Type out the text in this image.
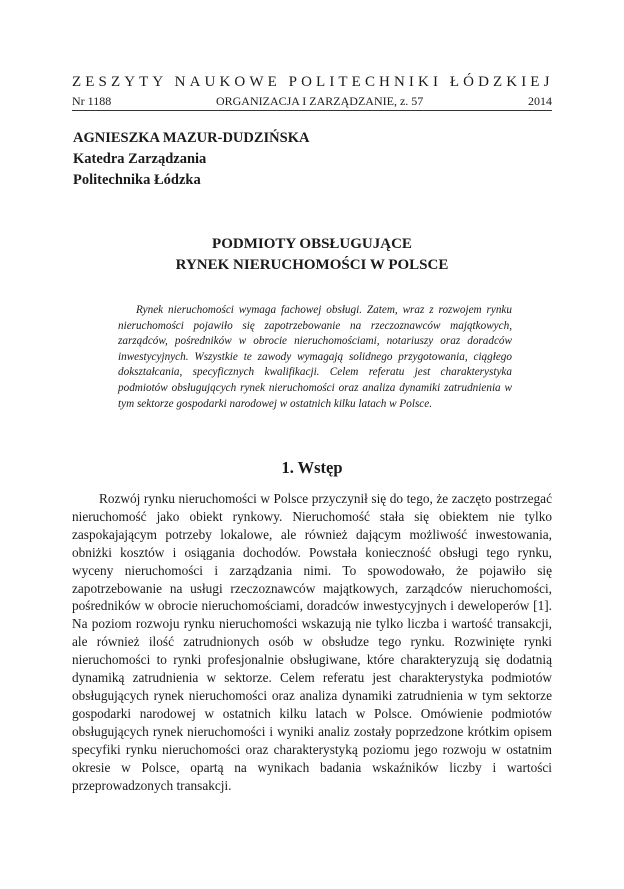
ZESZYTY NAUKOWE POLITECHNIKI ŁÓDZKIEJ
Nr 1188	ORGANIZACJA I ZARZĄDZANIE, z. 57	2014
AGNIESZKA MAZUR-DUDZIŃSKA
Katedra Zarządzania
Politechnika Łódzka
PODMIOTY OBSŁUGUJĄCE
RYNEK NIERUCHOMOŚCI W POLSCE
Rynek nieruchomości wymaga fachowej obsługi. Zatem, wraz z rozwojem rynku nieruchomości pojawiło się zapotrzebowanie na rzeczoznawców majątkowych, zarządców, pośredników w obrocie nieruchomościami, notariuszy oraz doradców inwestycyjnych. Wszystkie te zawody wymagają solidnego przygotowania, ciągłego dokształcania, specyficznych kwalifikacji. Celem referatu jest charakterystyka podmiotów obsługujących rynek nieruchomości oraz analiza dynamiki zatrudnienia w tym sektorze gospodarki narodowej w ostatnich kilku latach w Polsce.
1. Wstęp
Rozwój rynku nieruchomości w Polsce przyczynił się do tego, że zaczęto postrzegać nieruchomość jako obiekt rynkowy. Nieruchomość stała się obiektem nie tylko zaspokajającym potrzeby lokalowe, ale również dającym możliwość inwestowania, obniżki kosztów i osiągania dochodów. Powstała konieczność obsługi tego rynku, wyceny nieruchomości i zarządzania nimi. To spowodowało, że pojawiło się zapotrzebowanie na usługi rzeczoznawców majątkowych, zarządców nieruchomości, pośredników w obrocie nieruchomościami, doradców inwestycyjnych i deweloperów [1]. Na poziom rozwoju rynku nieruchomości wskazują nie tylko liczba i wartość transakcji, ale również ilość zatrudnionych osób w obsłudze tego rynku. Rozwinięte rynki nieruchomości to rynki profesjonalnie obsługiwane, które charakteryzują się dodatnią dynamiką zatrudnienia w sektorze. Celem referatu jest charakterystyka podmiotów obsługujących rynek nieruchomości oraz analiza dynamiki zatrudnienia w tym sektorze gospodarki narodowej w ostatnich kilku latach w Polsce. Omówienie podmiotów obsługujących rynek nieruchomości i wyniki analiz zostały poprzedzone krótkim opisem specyfiki rynku nieruchomości oraz charakterystyką poziomu jego rozwoju w ostatnim okresie w Polsce, opartą na wynikach badania wskaźników liczby i wartości przeprowadzonych transakcji.
